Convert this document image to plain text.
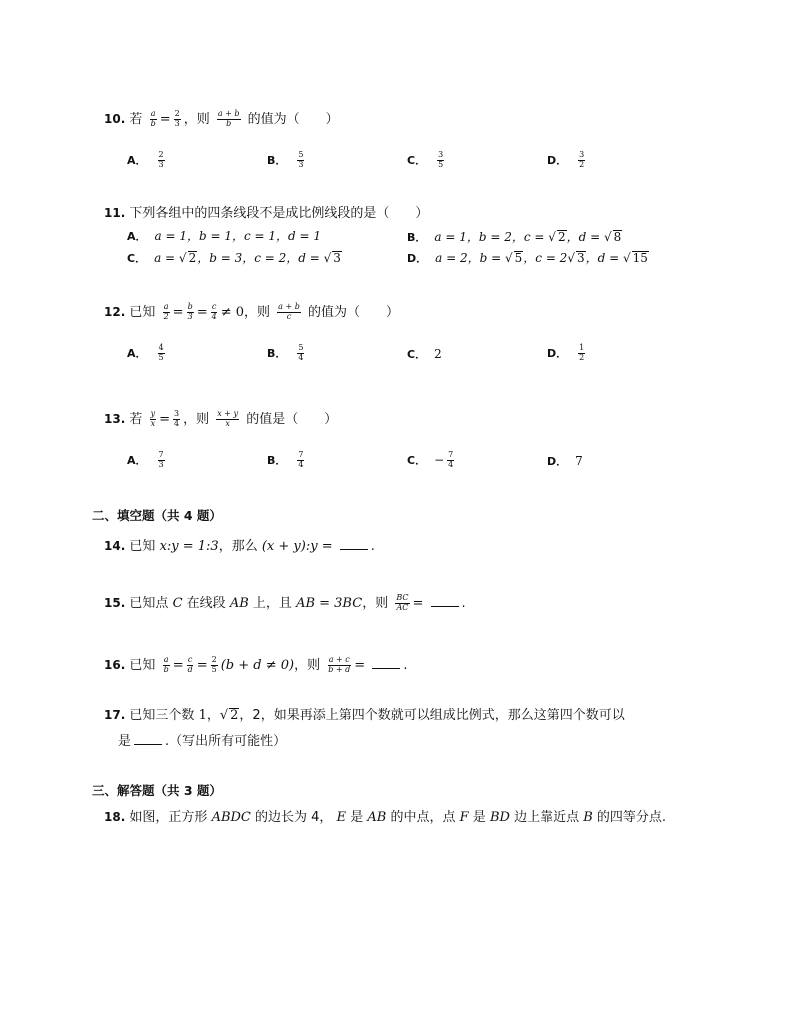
10. 若 $\frac{a}{b} = \frac{2}{3}$ ，则 $\frac{a + b}{b}$ 的值为（　　）
A． $\frac{2}{3}$	B． $\frac{5}{3}$	C． $\frac{3}{5}$	D． $\frac{3}{2}$
11. 下列各组中的四条线段不是成比例线段的是（　　）
A． a = 1，b = 1，c = 1，d = 1	B． a = 1，b = 2，c = √ 2，d = √ 8
C． a = √ 2，b = 3，c = 2，d = √ 3	D． a = 2，b = √ 5，c = 2√ 3，d = √ 15
12. 已知 $\frac{a}{2} = \frac{b}{3} = \frac{c}{4} \ne 0$，则 $\frac{a + b}{c}$ 的值为（　　）
A． $\frac{4}{5}$	B． $\frac{5}{4}$	C． 2	D． $\frac{1}{2}$
13. 若 $\frac{y}{x} = \frac{3}{4}$ ，则 $\frac{x + y}{x}$ 的值是（　　）
A． $\frac{7}{3}$	B． $\frac{7}{4}$	C． − $\frac{7}{4}$	D． 7
二、填空题（共 4 题）
14. 已知 x:y = 1:3，那么 (x + y):y =	.
15. 已知点 C 在线段 AB 上，且 AB = 3BC，则 $\frac{BC}{AC}$ =	.
16. 已知 $\frac{a}{b} = \frac{c}{d} = \frac{2}{5} (b + d \ne 0)$，则 $\frac{a + c}{b + d}$ =	.
17. 已知三个数 1，√ 2，2，如果再添上第四个数就可以组成比例式，那么这第四个数可以
是	.（写出所有可能性）
三、解答题（共 3 题）
18. 如图，正方形 ABDC 的边长为 4， E 是 AB 的中点，点 F 是 BD 边上靠近点 B 的四等分点.
